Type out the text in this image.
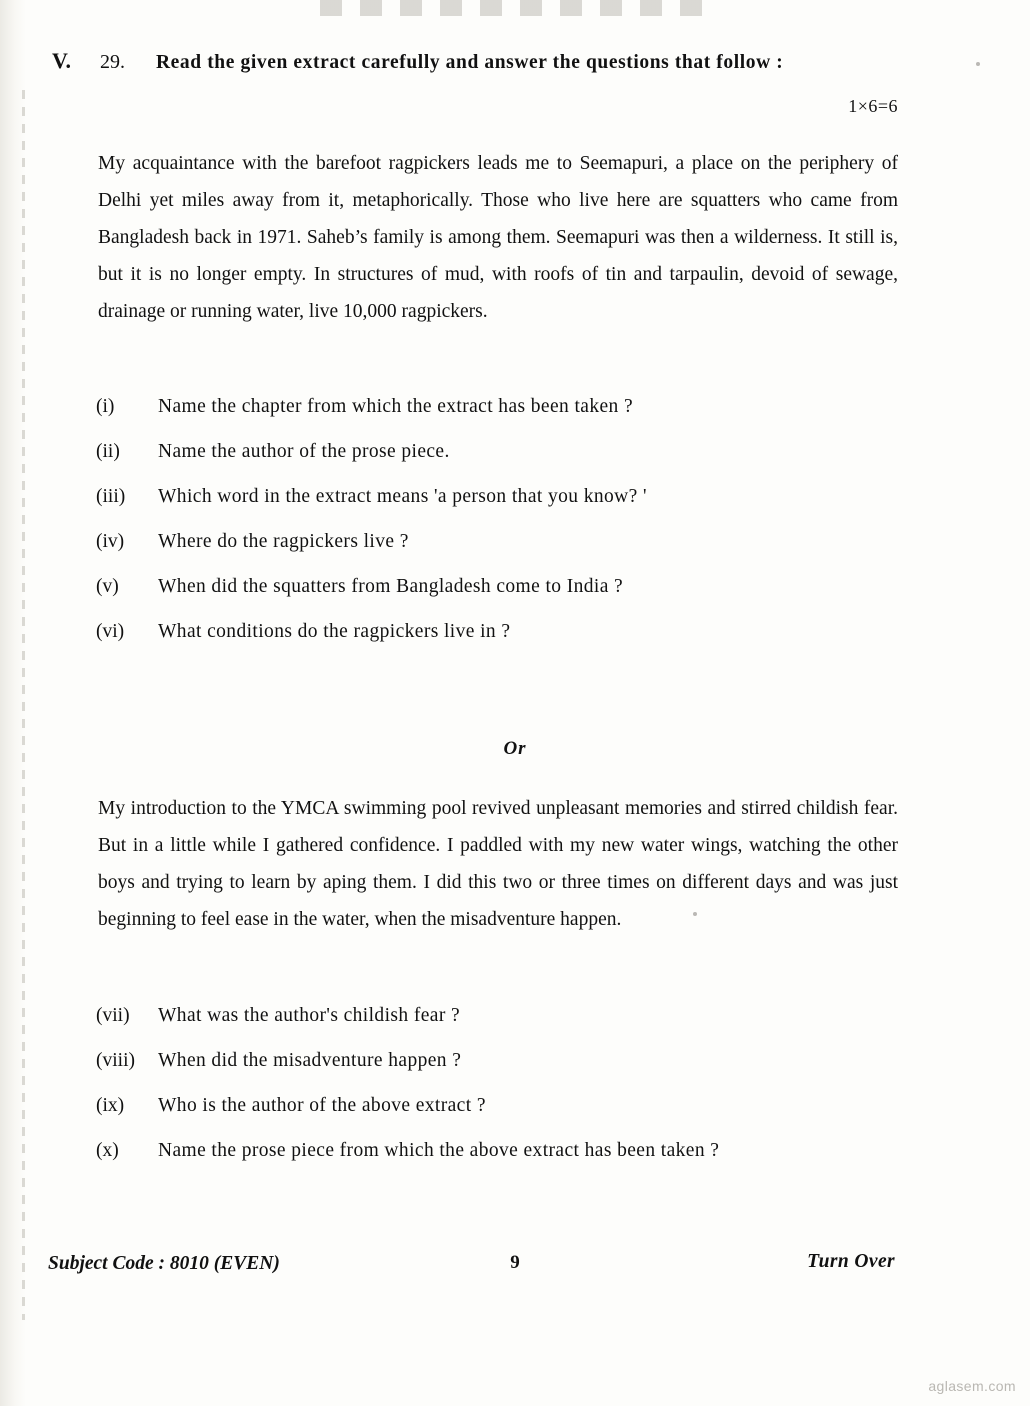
V.	29.	Read the given extract carefully and answer the questions that follow :
1×6=6
My acquaintance with the barefoot ragpickers leads me to Seemapuri, a place on the periphery of Delhi yet miles away from it, metaphorically. Those who live here are squatters who came from Bangladesh back in 1971. Saheb’s family is among them. Seemapuri was then a wilderness. It still is, but it is no longer empty. In structures of mud, with roofs of tin and tarpaulin, devoid of sewage, drainage or running water, live 10,000 ragpickers.
(i)	Name the chapter from which the extract has been taken ?
(ii)	Name the author of the prose piece.
(iii)	Which word in the extract means 'a person that you know? '
(iv)	Where do the ragpickers live ?
(v)	When did the squatters from Bangladesh come to India ?
(vi)	What conditions do the ragpickers live in ?
Or
My introduction to the YMCA swimming pool revived unpleasant memories and stirred childish fear. But in a little while I gathered confidence. I paddled with my new water wings, watching the other boys and trying to learn by aping them. I did this two or three times on different days and was just beginning to feel ease in the water, when the misadventure happen.
(vii)	What was the author's childish fear ?
(viii)	When did the misadventure happen ?
(ix)	Who is the author of the above extract ?
(x)	Name the prose piece from which the above extract has been taken ?
Subject Code : 8010 (EVEN)	9	Turn Over
aglasem.com
